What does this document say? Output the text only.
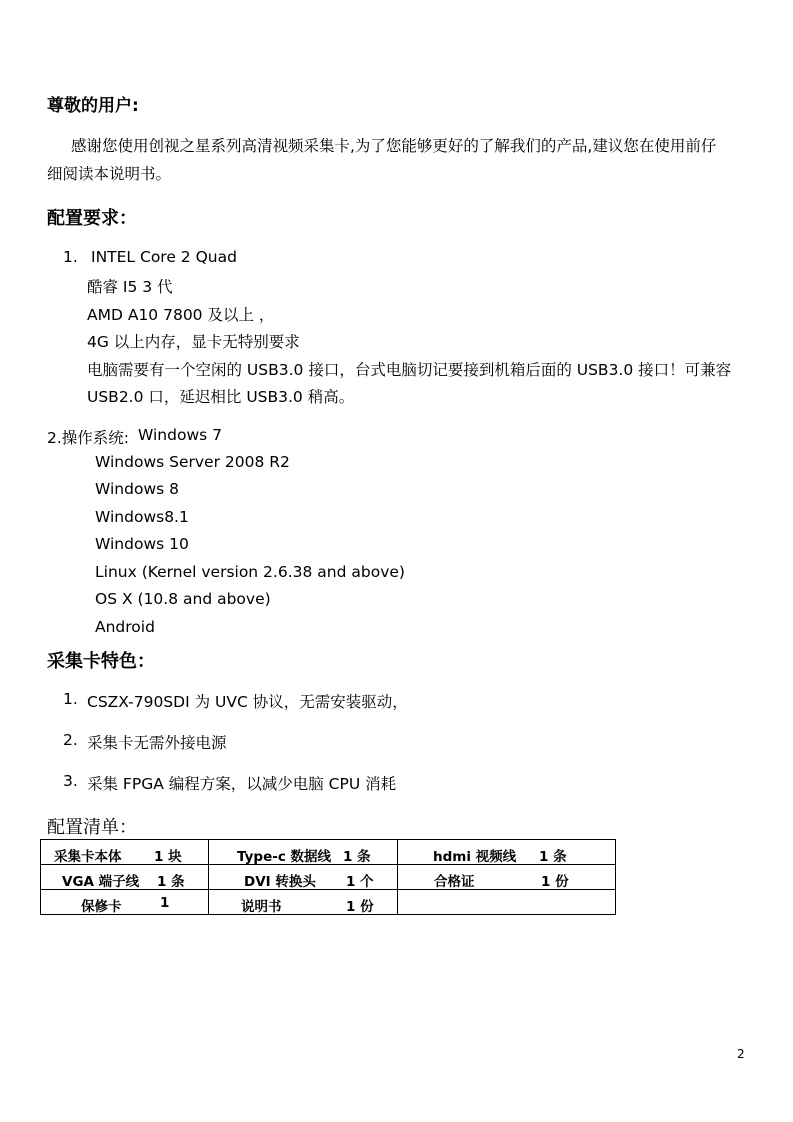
尊敬的用户:
感谢您使用创视之星系列高清视频采集卡,为了您能够更好的了解我们的产品,建议您在使用前仔
细阅读本说明书。
配置要求：
1. INTEL Core 2 Quad
酷睿 I5 3 代
AMD A10 7800 及以上 ，
4G 以上内存，显卡无特别要求
电脑需要有一个空闲的 USB3.0 接口，台式电脑切记要接到机箱后面的 USB3.0 接口！可兼容
USB2.0 口，延迟相比 USB3.0 稍高。
2.操作系统: Windows 7
Windows Server 2008 R2
Windows 8
Windows8.1
Windows 10
Linux (Kernel version 2.6.38 and above)
OS X (10.8 and above)
Android
采集卡特色：
1. CSZX-790SDI 为 UVC 协议，无需安装驱动，
2. 采集卡无需外接电源
3. 采集 FPGA 编程方案，以减少电脑 CPU 消耗
配置清单：
采集卡本体 1 块	Type-c 数据线 1 条	hdmi 视频线 1 条

VGA 端子线 1 条	DVI 转换头 1 个	合格证 1 份

保修卡 1	说明书 1 份	

2
